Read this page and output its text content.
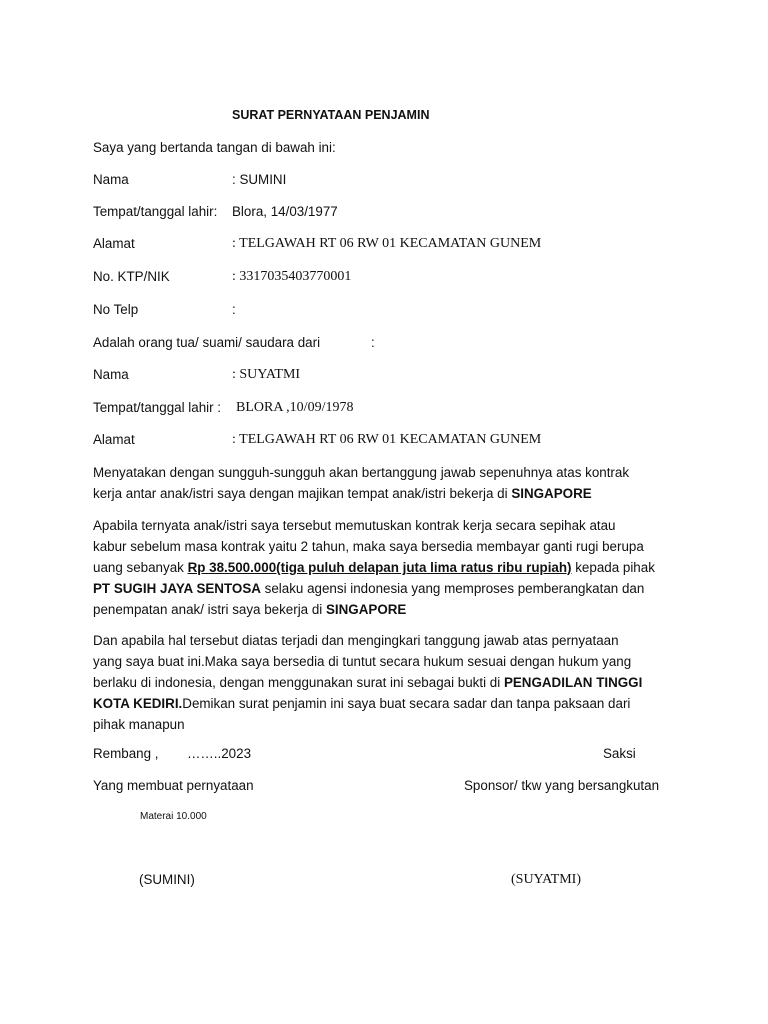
SURAT PERNYATAAN PENJAMIN
Saya yang bertanda tangan di bawah ini:
Nama	: SUMINI
Tempat/tanggal lahir: Blora, 14/03/1977
Alamat	: TELGAWAH RT 06 RW 01 KECAMATAN GUNEM
No. KTP/NIK	: 3317035403770001
No Telp	:
Adalah orang tua/ suami/ saudara dari	:
Nama	: SUYATMI
Tempat/tanggal lahir : BLORA ,10/09/1978
Alamat	: TELGAWAH RT 06 RW 01 KECAMATAN GUNEM
Menyatakan dengan sungguh-sungguh akan bertanggung jawab sepenuhnya atas kontrak
kerja antar anak/istri saya dengan majikan tempat anak/istri bekerja di SINGAPORE
Apabila ternyata anak/istri saya tersebut memutuskan kontrak kerja secara sepihak atau
kabur sebelum masa kontrak yaitu 2 tahun, maka saya bersedia membayar ganti rugi berupa
uang sebanyak Rp 38.500.000(tiga puluh delapan juta lima ratus ribu rupiah) kepada pihak
PT SUGIH JAYA SENTOSA selaku agensi indonesia yang memproses pemberangkatan dan
penempatan anak/ istri saya bekerja di SINGAPORE
Dan apabila hal tersebut diatas terjadi dan mengingkari tanggung jawab atas pernyataan
yang saya buat ini.Maka saya bersedia di tuntut secara hukum sesuai dengan hukum yang
berlaku di indonesia, dengan menggunakan surat ini sebagai bukti di PENGADILAN TINGGI
KOTA KEDIRI.Demikan surat penjamin ini saya buat secara sadar dan tanpa paksaan dari
pihak manapun
Rembang , ……..2023	Saksi
Yang membuat pernyataan	Sponsor/ tkw yang bersangkutan
Materai 10.000
(SUMINI)	(SUYATMI)
